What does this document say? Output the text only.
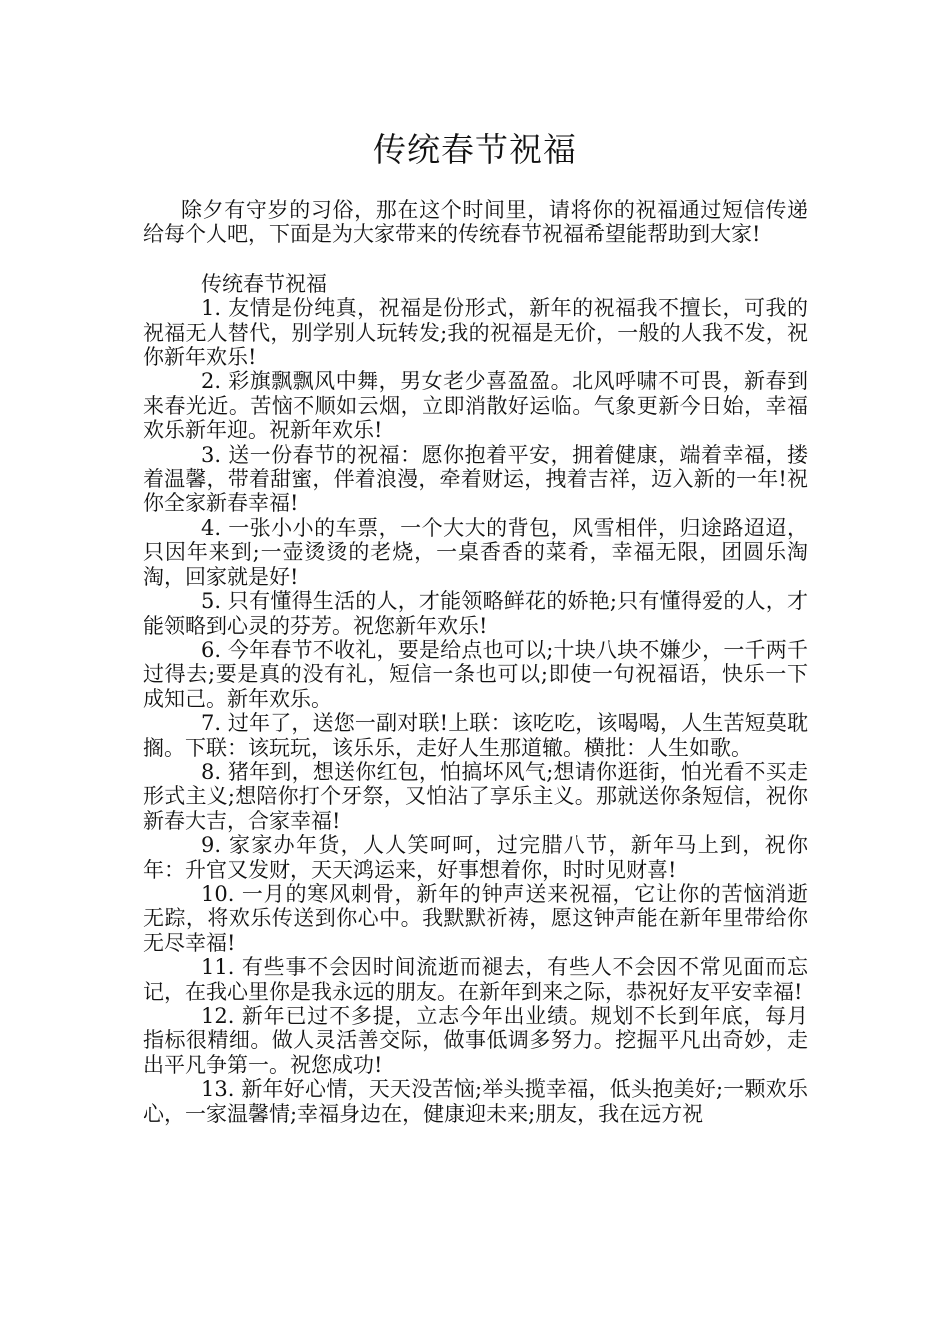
传统春节祝福

除夕有守岁的习俗，那在这个时间里，请将你的祝福通过短信传递给每个人吧，下面是为大家带来的传统春节祝福希望能帮助到大家!

传统春节祝福

1. 友情是份纯真，祝福是份形式，新年的祝福我不擅长，可我的祝福无人替代，别学别人玩转发;我的祝福是无价，一般的人我不发，祝你新年欢乐!

2. 彩旗飘飘风中舞，男女老少喜盈盈。北风呼啸不可畏，新春到来春光近。苦恼不顺如云烟，立即消散好运临。气象更新今日始，幸福欢乐新年迎。祝新年欢乐!

3. 送一份春节的祝福：愿你抱着平安，拥着健康，端着幸福，搂着温馨，带着甜蜜，伴着浪漫，牵着财运，拽着吉祥，迈入新的一年!祝你全家新春幸福!

4. 一张小小的车票，一个大大的背包，风雪相伴，归途路迢迢，只因年来到;一壶烫烫的老烧，一桌香香的菜肴，幸福无限，团圆乐淘淘，回家就是好!

5. 只有懂得生活的人，才能领略鲜花的娇艳;只有懂得爱的人，才能领略到心灵的芬芳。祝您新年欢乐!

6. 今年春节不收礼，要是给点也可以;十块八块不嫌少，一千两千过得去;要是真的没有礼，短信一条也可以;即使一句祝福语，快乐一下成知己。新年欢乐。

7. 过年了，送您一副对联!上联：该吃吃，该喝喝，人生苦短莫耽搁。下联：该玩玩，该乐乐，走好人生那道辙。横批：人生如歌。

8. 猪年到，想送你红包，怕搞坏风气;想请你逛街，怕光看不买走形式主义;想陪你打个牙祭，又怕沾了享乐主义。那就送你条短信，祝你新春大吉，合家幸福!

9. 家家办年货，人人笑呵呵，过完腊八节，新年马上到，祝你年：升官又发财，天天鸿运来，好事想着你，时时见财喜!

10. 一月的寒风刺骨，新年的钟声送来祝福，它让你的苦恼消逝无踪，将欢乐传送到你心中。我默默祈祷，愿这钟声能在新年里带给你无尽幸福!

11. 有些事不会因时间流逝而褪去，有些人不会因不常见面而忘记，在我心里你是我永远的朋友。在新年到来之际，恭祝好友平安幸福!

12. 新年已过不多提，立志今年出业绩。规划不长到年底，每月指标很精细。做人灵活善交际，做事低调多努力。挖掘平凡出奇妙，走出平凡争第一。祝您成功!

13. 新年好心情，天天没苦恼;举头揽幸福，低头抱美好;一颗欢乐心，一家温馨情;幸福身边在，健康迎未来;朋友，我在远方祝
